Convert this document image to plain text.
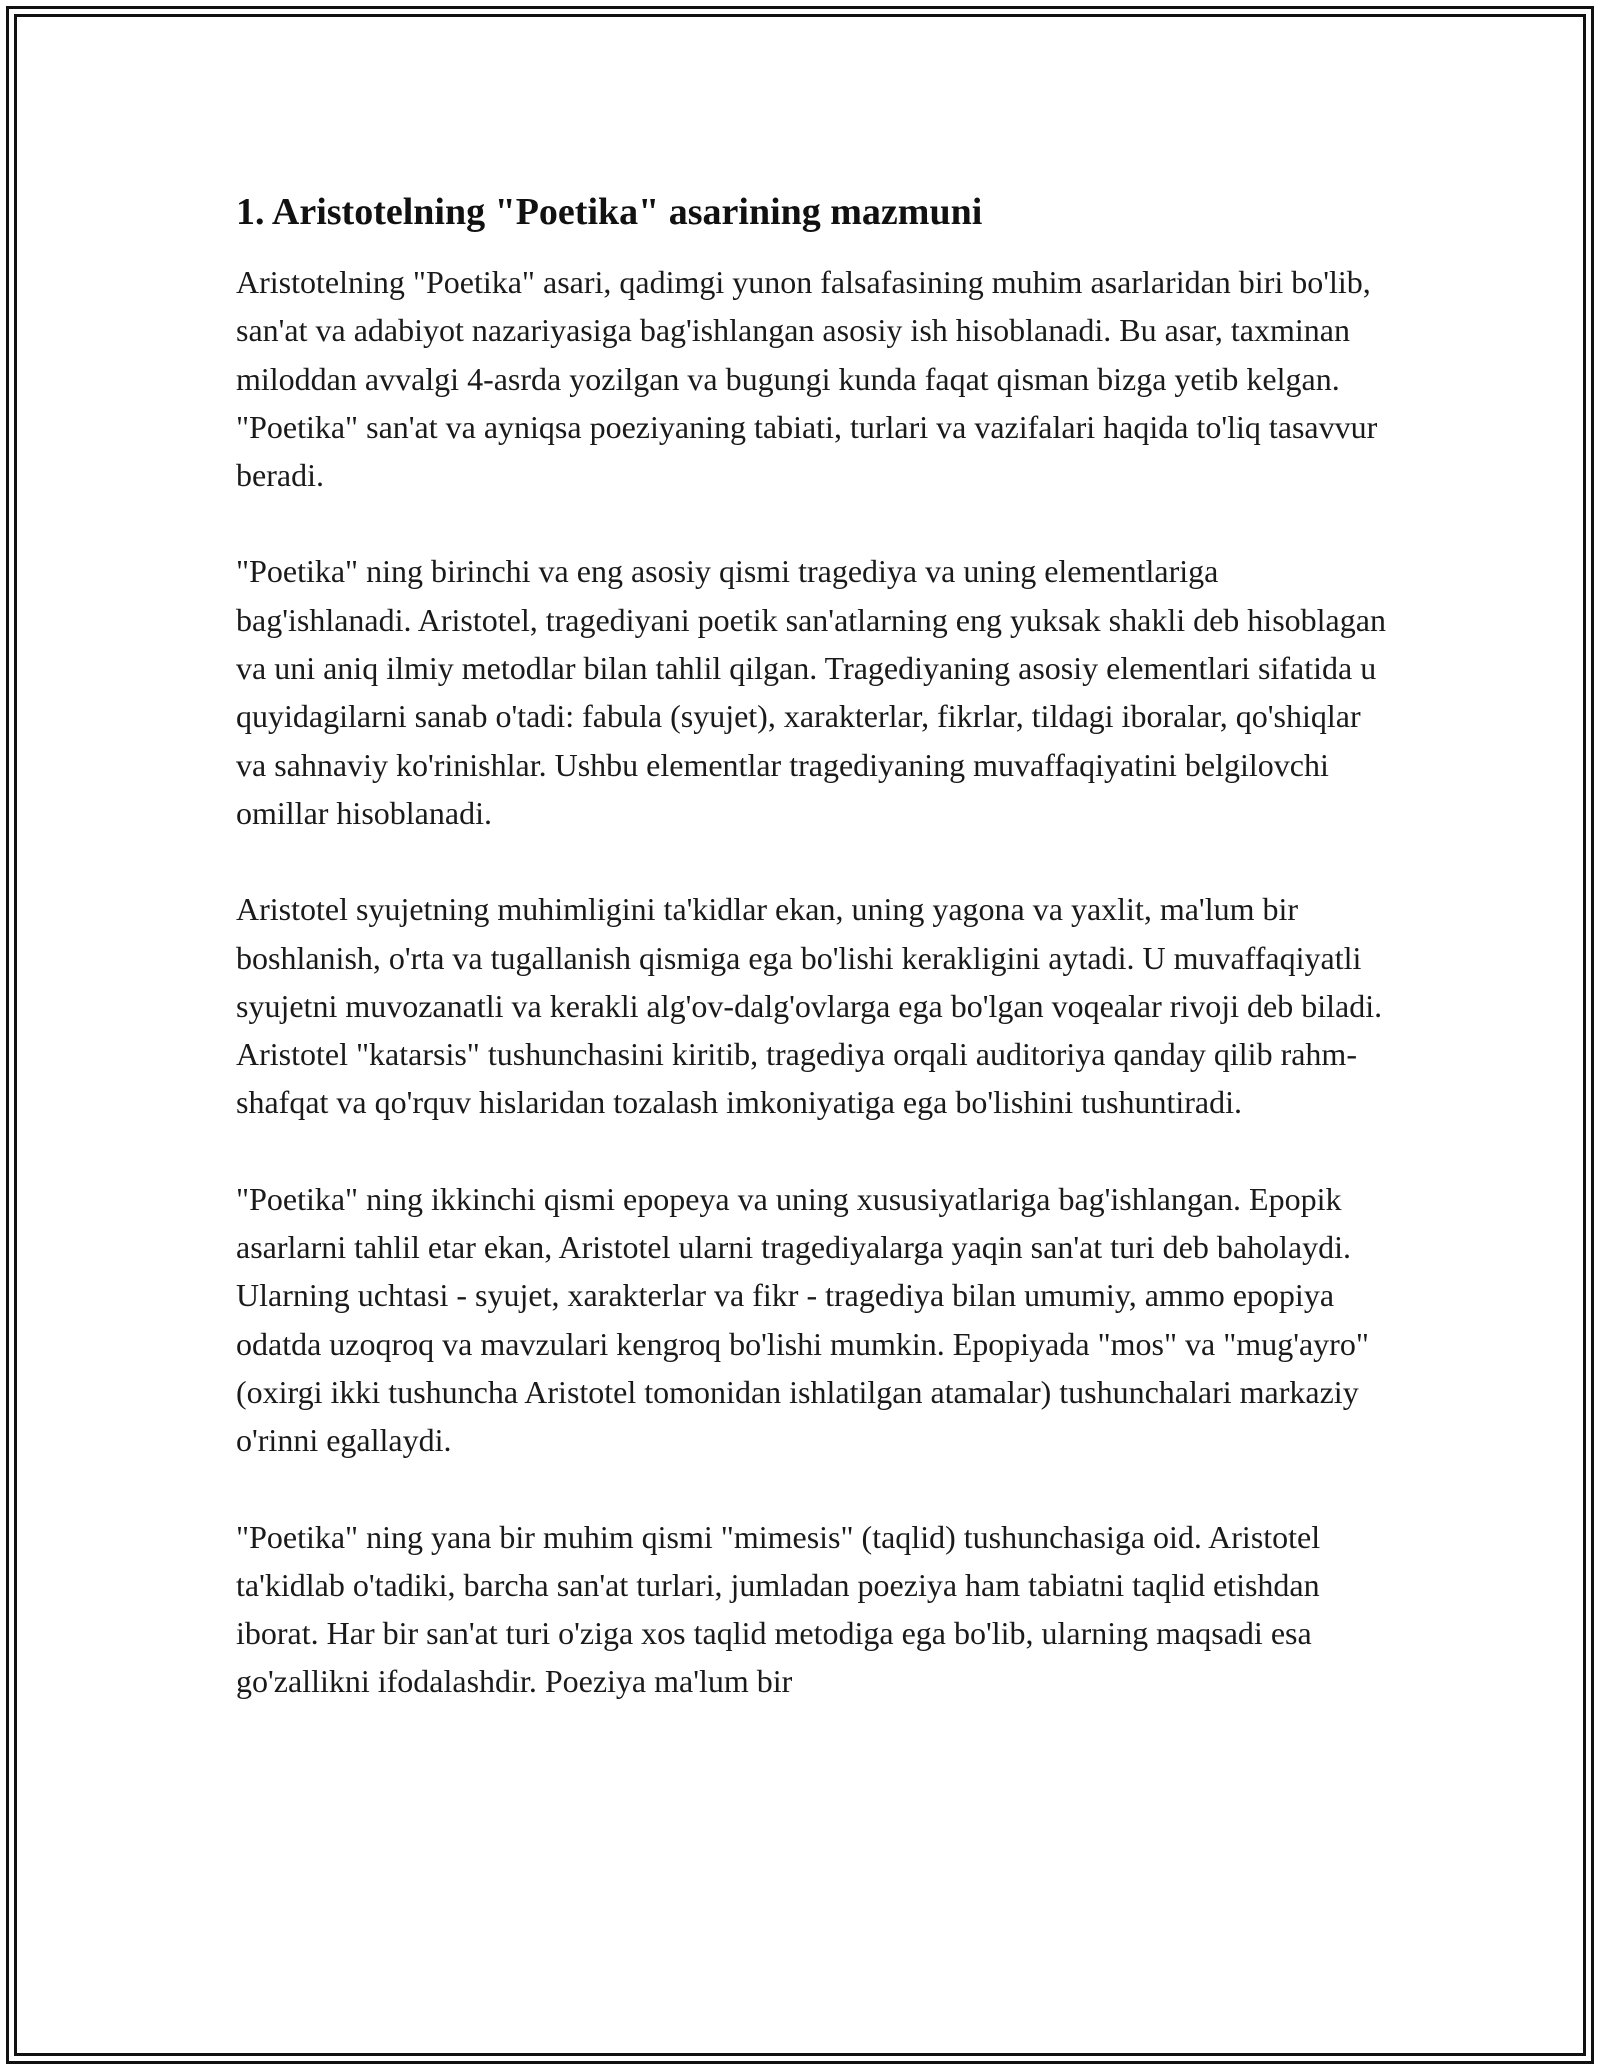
1. Aristotelning "Poetika" asarining mazmuni

Aristotelning "Poetika" asari, qadimgi yunon falsafasining muhim asarlaridan biri bo'lib, san'at va adabiyot nazariyasiga bag'ishlangan asosiy ish hisoblanadi. Bu asar, taxminan miloddan avvalgi 4-asrda yozilgan va bugungi kunda faqat qisman bizga yetib kelgan. "Poetika" san'at va ayniqsa poeziyaning tabiati, turlari va vazifalari haqida to'liq tasavvur beradi.

"Poetika" ning birinchi va eng asosiy qismi tragediya va uning elementlariga bag'ishlanadi. Aristotel, tragediyani poetik san'atlarning eng yuksak shakli deb hisoblagan va uni aniq ilmiy metodlar bilan tahlil qilgan. Tragediyaning asosiy elementlari sifatida u quyidagilarni sanab o'tadi: fabula (syujet), xarakterlar, fikrlar, tildagi iboralar, qo'shiqlar va sahnaviy ko'rinishlar. Ushbu elementlar tragediyaning muvaffaqiyatini belgilovchi omillar hisoblanadi.

Aristotel syujetning muhimligini ta'kidlar ekan, uning yagona va yaxlit, ma'lum bir boshlanish, o'rta va tugallanish qismiga ega bo'lishi kerakligini aytadi. U muvaffaqiyatli syujetni muvozanatli va kerakli alg'ov-dalg'ovlarga ega bo'lgan voqealar rivoji deb biladi. Aristotel "katarsis" tushunchasini kiritib, tragediya orqali auditoriya qanday qilib rahm-shafqat va qo'rquv hislaridan tozalash imkoniyatiga ega bo'lishini tushuntiradi.

"Poetika" ning ikkinchi qismi epopeya va uning xususiyatlariga bag'ishlangan. Epopik asarlarni tahlil etar ekan, Aristotel ularni tragediyalarga yaqin san'at turi deb baholaydi. Ularning uchtasi - syujet, xarakterlar va fikr - tragediya bilan umumiy, ammo epopiya odatda uzoqroq va mavzulari kengroq bo'lishi mumkin. Epopiyada "mos" va "mug'ayro" (oxirgi ikki tushuncha Aristotel tomonidan ishlatilgan atamalar) tushunchalari markaziy o'rinni egallaydi.

"Poetika" ning yana bir muhim qismi "mimesis" (taqlid) tushunchasiga oid. Aristotel ta'kidlab o'tadiki, barcha san'at turlari, jumladan poeziya ham tabiatni taqlid etishdan iborat. Har bir san'at turi o'ziga xos taqlid metodiga ega bo'lib, ularning maqsadi esa go'zallikni ifodalashdir. Poeziya ma'lum bir
